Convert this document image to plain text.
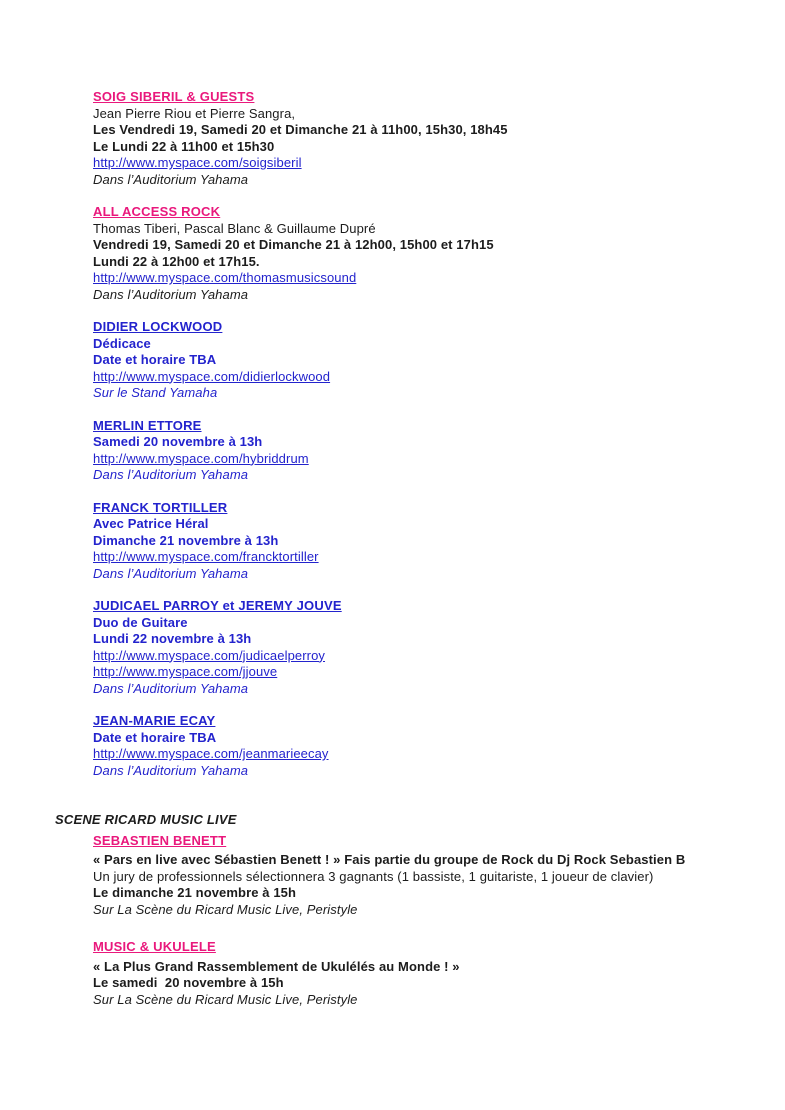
SOIG SIBERIL & GUESTS
Jean Pierre Riou et Pierre Sangra,
Les Vendredi 19, Samedi 20 et Dimanche 21 à 11h00, 15h30, 18h45
Le Lundi 22 à 11h00 et 15h30
http://www.myspace.com/soigsiberil
Dans l’Auditorium Yahama
ALL ACCESS ROCK
Thomas Tiberi, Pascal Blanc & Guillaume Dupré
Vendredi 19, Samedi 20 et Dimanche 21 à 12h00, 15h00 et 17h15
Lundi 22 à 12h00 et 17h15.
http://www.myspace.com/thomasmusicsound
Dans l’Auditorium Yahama
DIDIER LOCKWOOD
Dédicace
Date et horaire TBA
http://www.myspace.com/didierlockwood
Sur le Stand Yamaha
MERLIN ETTORE
Samedi 20 novembre à 13h
http://www.myspace.com/hybriddrum
Dans l’Auditorium Yahama
FRANCK TORTILLER
Avec Patrice Héral
Dimanche 21 novembre à 13h
http://www.myspace.com/francktortiller
Dans l’Auditorium Yahama
JUDICAEL PARROY et JEREMY JOUVE
Duo de Guitare
Lundi 22 novembre à 13h
http://www.myspace.com/judicaelperroy
http://www.myspace.com/jjouve
Dans l’Auditorium Yahama
JEAN-MARIE ECAY
Date et horaire TBA
http://www.myspace.com/jeanmarieecay
Dans l’Auditorium Yahama
SCENE RICARD MUSIC LIVE
SEBASTIEN BENETT
« Pars en live avec Sébastien Benett ! » Fais partie du groupe de Rock du Dj Rock Sebastien B
Un jury de professionnels sélectionnera 3 gagnants (1 bassiste, 1 guitariste, 1 joueur de clavier)
Le dimanche 21 novembre à 15h
Sur La Scène du Ricard Music Live, Peristyle
MUSIC & UKULELE
« La Plus Grand Rassemblement de Ukulélés au Monde ! »
Le samedi  20 novembre à 15h
Sur La Scène du Ricard Music Live, Peristyle
